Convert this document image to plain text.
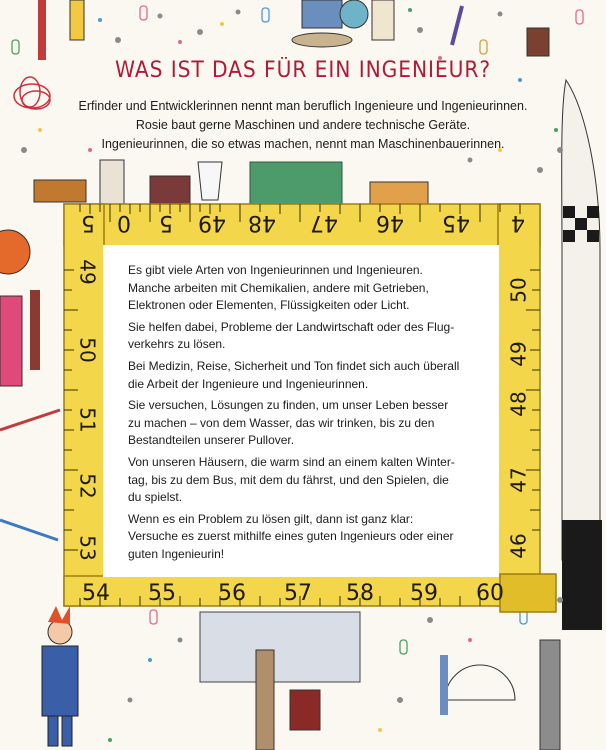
WAS IST DAS FÜR EIN INGENIEUR?
Erfinder und Entwicklerinnen nennt man beruflich Ingenieure und Ingenieurinnen.
Rosie baut gerne Maschinen und andere technische Geräte.
Ingenieurinnen, die so etwas machen, nennt man Maschinenbauerinnen.
5 0 5 49 48 47 46 45 4
49
50
51
52
53
48
49
50
47
46
54 55 56 57 58 59 60

Es gibt viele Arten von Ingenieurinnen und Ingenieuren.
Manche arbeiten mit Chemikalien, andere mit Getrieben,
Elektronen oder Elementen, Flüssigkeiten oder Licht.

Sie helfen dabei, Probleme der Landwirtschaft oder des Flug-
verkehrs zu lösen.

Bei Medizin, Reise, Sicherheit und Ton findet sich auch überall
die Arbeit der Ingenieure und Ingenieurinnen.

Sie versuchen, Lösungen zu finden, um unser Leben besser
zu machen – von dem Wasser, das wir trinken, bis zu den
Bestandteilen unserer Pullover.

Von unseren Häusern, die warm sind an einem kalten Winter-
tag, bis zu dem Bus, mit dem du fährst, und den Spielen, die
du spielst.

Wenn es ein Problem zu lösen gilt, dann ist ganz klar:
Versuche es zuerst mithilfe eines guten Ingenieurs oder einer
guten Ingenieurin!
